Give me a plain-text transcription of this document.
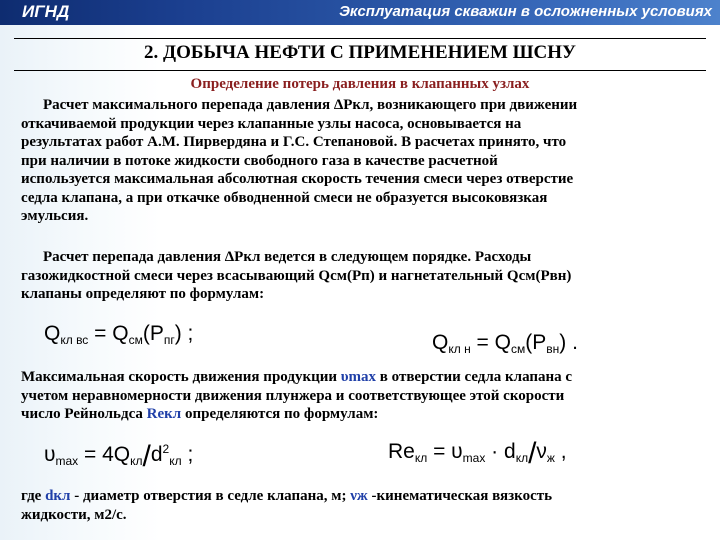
ИГНД	Эксплуатация скважин в осложненных условиях
2. ДОБЫЧА НЕФТИ С ПРИМЕНЕНИЕМ ШСНУ
Определение потерь давления в клапанных узлах
Расчет максимального перепада давления ΔPкл, возникающего при движении
откачиваемой продукции через клапанные узлы насоса, основывается на
результатах работ А.М. Пирвердяна и Г.С. Степановой. В расчетах принято, что
при наличии в потоке жидкости свободного газа в качестве расчетной
используется максимальная абсолютная скорость течения смеси через отверстие
седла клапана, а при откачке обводненной смеси не образуется высоковязкая
эмульсия.
Расчет перепада давления ΔPкл ведется в следующем порядке. Расходы
газожидкостной смеси через всасывающий Qсм(Pп) и нагнетательный Qсм(Pвн)
клапаны определяют по формулам:
$Q_{кл вс} = Q_{см}(P_{пг})$ ;	$Q_{кл н} = Q_{см}(P_{вн})$ .
Максимальная скорость движения продукции υmax в отверстии седла клапана с
учетом неравномерности движения плунжера и соответствующее этой скорости
число Рейнольдса Reкл определяются по формулам:
$\upsilon_{max} = 4Q_{кл}/d^2_{кл}$ ;	$Re_{кл} = \upsilon_{max} \cdot d_{кл}/\nu_ж$ ,
где dкл - диаметр отверстия в седле клапана, м; νж -кинематическая вязкость
жидкости, м2/с.
